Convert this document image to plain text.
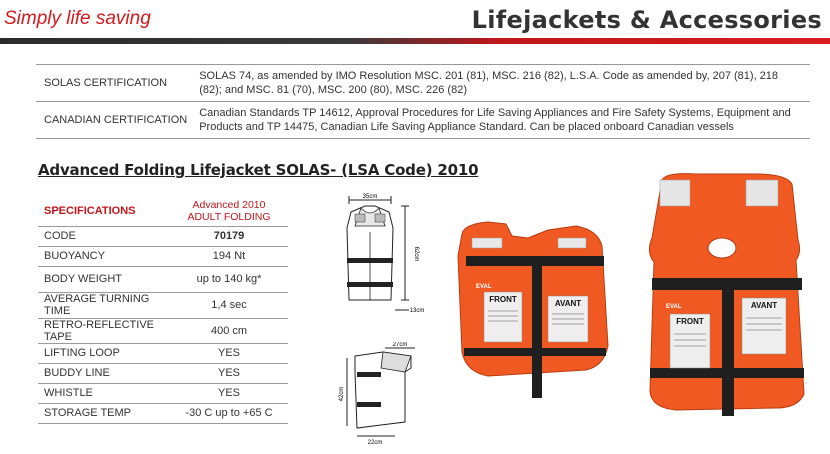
Simply life saving	Lifejackets & Accessories
SOLAS CERTIFICATION	SOLAS 74, as amended by IMO Resolution MSC. 201 (81), MSC. 216 (82), L.S.A. Code as amended by, 207 (81), 218 (82); and MSC. 81 (70), MSC. 200 (80), MSC. 226 (82)
CANADIAN CERTIFICATION	Canadian Standards TP 14612, Approval Procedures for Life Saving Appliances and Fire Safety Systems, Equipment and Products and TP 14475, Canadian Life Saving Appliance Standard. Can be placed onboard Canadian vessels
Advanced Folding Lifejacket SOLAS- (LSA Code) 2010
SPECIFICATIONS	Advanced 2010
ADULT FOLDING

CODE	70179
BUOYANCY	194 Nt
BODY WEIGHT	up to 140 kg*
AVERAGE TURNING TIME	1,4 sec
RETRO-REFLECTIVE TAPE	400 cm
LIFTING LOOP	YES
BUDDY LINE	YES
WHISTLE	YES
STORAGE TEMP	-30 C up to +65 C
35cm
62cm
13cm
27cm
42cm
22cm
FRONT	AVANT
EVAL
FRONT
AVANT
EVAL
